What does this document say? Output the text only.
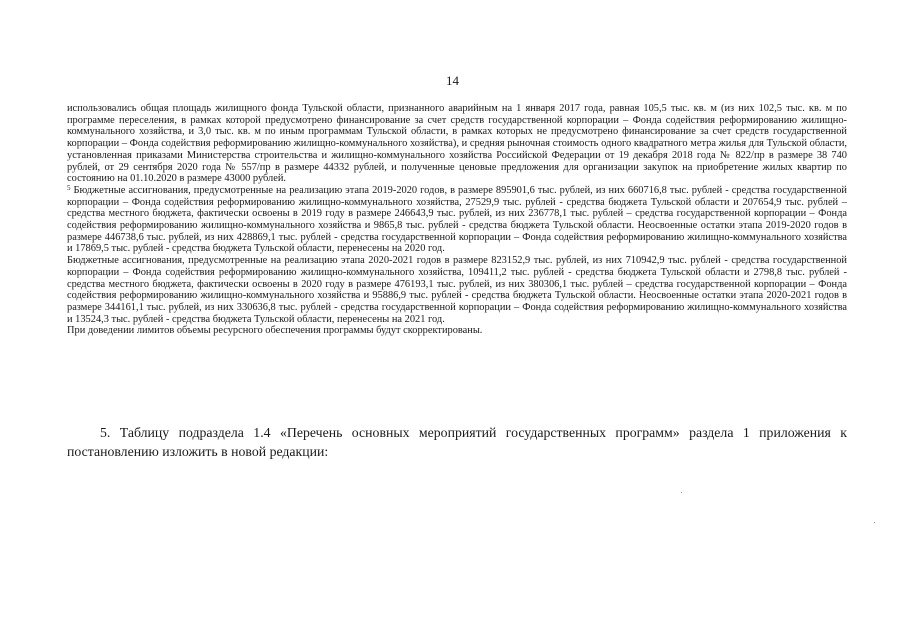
14

использовались общая площадь жилищного фонда Тульской области, признанного аварийным на 1 января 2017 года, равная 105,5 тыс. кв. м (из них 102,5 тыс. кв. м по программе переселения, в рамках которой предусмотрено финансирование за счет средств государственной корпорации – Фонда содействия реформированию жилищно-коммунального хозяйства, и 3,0 тыс. кв. м по иным программам Тульской области, в рамках которых не предусмотрено финансирование за счет средств государственной корпорации – Фонда содействия реформированию жилищно-коммунального хозяйства), и средняя рыночная стоимость одного квадратного метра жилья для Тульской области, установленная приказами Министерства строительства и жилищно-коммунального хозяйства Российской Федерации от 19 декабря 2018 года № 822/пр в размере 38 740 рублей, от 29 сентября 2020 года № 557/пр в размере 44332 рублей, и полученные ценовые предложения для организации закупок на приобретение жилых квартир по состоянию на 01.10.2020 в размере 43000 рублей.

$^5$ Бюджетные ассигнования, предусмотренные на реализацию этапа 2019-2020 годов, в размере 895901,6 тыс. рублей, из них 660716,8 тыс. рублей - средства государственной корпорации – Фонда содействия реформированию жилищно-коммунального хозяйства, 27529,9 тыс. рублей - средства бюджета Тульской области и 207654,9 тыс. рублей – средства местного бюджета, фактически освоены в 2019 году в размере 246643,9 тыс. рублей, из них 236778,1 тыс. рублей – средства государственной корпорации – Фонда содействия реформированию жилищно-коммунального хозяйства и 9865,8 тыс. рублей - средства бюджета Тульской области. Неосвоенные остатки этапа 2019-2020 годов в размере 446738,6 тыс. рублей, из них 428869,1 тыс. рублей - средства государственной корпорации – Фонда содействия реформированию жилищно-коммунального хозяйства и 17869,5 тыс. рублей - средства бюджета Тульской области, перенесены на 2020 год.

Бюджетные ассигнования, предусмотренные на реализацию этапа 2020-2021 годов в размере 823152,9 тыс. рублей, из них 710942,9 тыс. рублей - средства государственной корпорации – Фонда содействия реформированию жилищно-коммунального хозяйства, 109411,2 тыс. рублей - средства бюджета Тульской области и 2798,8 тыс. рублей - средства местного бюджета, фактически освоены в 2020 году в размере 476193,1 тыс. рублей, из них 380306,1 тыс. рублей – средства государственной корпорации – Фонда содействия реформированию жилищно-коммунального хозяйства и 95886,9 тыс. рублей - средства бюджета Тульской области. Неосвоенные остатки этапа 2020-2021 годов в размере 344161,1 тыс. рублей, из них 330636,8 тыс. рублей - средства государственной корпорации – Фонда содействия реформированию жилищно-коммунального хозяйства и 13524,3 тыс. рублей - средства бюджета Тульской области, перенесены на 2021 год.

При доведении лимитов объемы ресурсного обеспечения программы будут скорректированы.

5. Таблицу подраздела 1.4 «Перечень основных мероприятий государственных программ» раздела 1 приложения к постановлению изложить в новой редакции:
